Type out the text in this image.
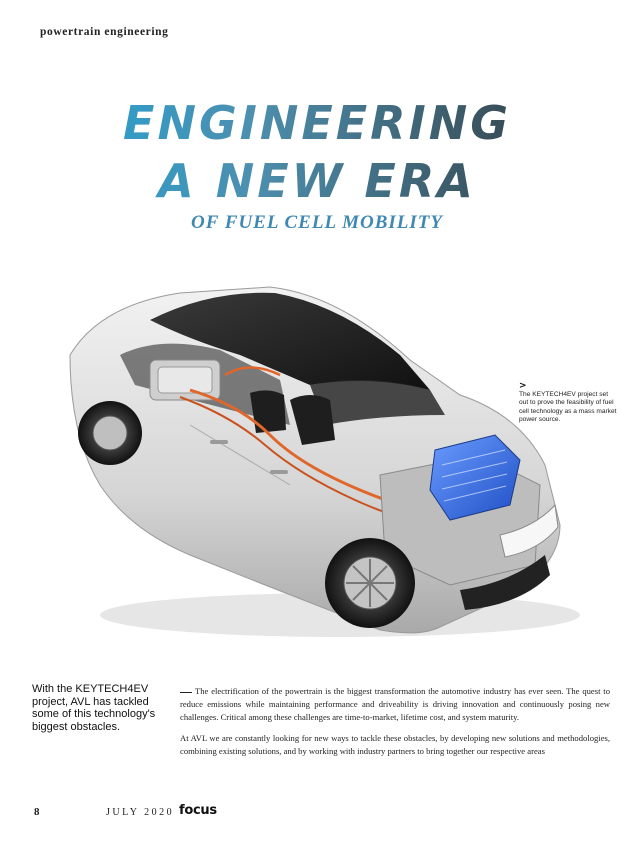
powertrain engineering
ENGINEERING
A NEW ERA
OF FUEL CELL MOBILITY
>
The KEYTECH4EV project set out to prove the feasibility of fuel cell technology as a mass market power source.
With the KEYTECH4EV project, AVL has tackled some of this technology's biggest obstacles.

The electrification of the powertrain is the biggest transformation the automotive industry has ever seen. The quest to reduce emissions while maintaining performance and driveability is driving innovation and continuously posing new challenges. Critical among these challenges are time-to-market, lifetime cost, and system maturity.

At AVL we are constantly looking for new ways to tackle these obstacles, by developing new solutions and methodologies, combining existing solutions, and by working with industry partners to bring together our respective areas

8	JULY 2020 focus
